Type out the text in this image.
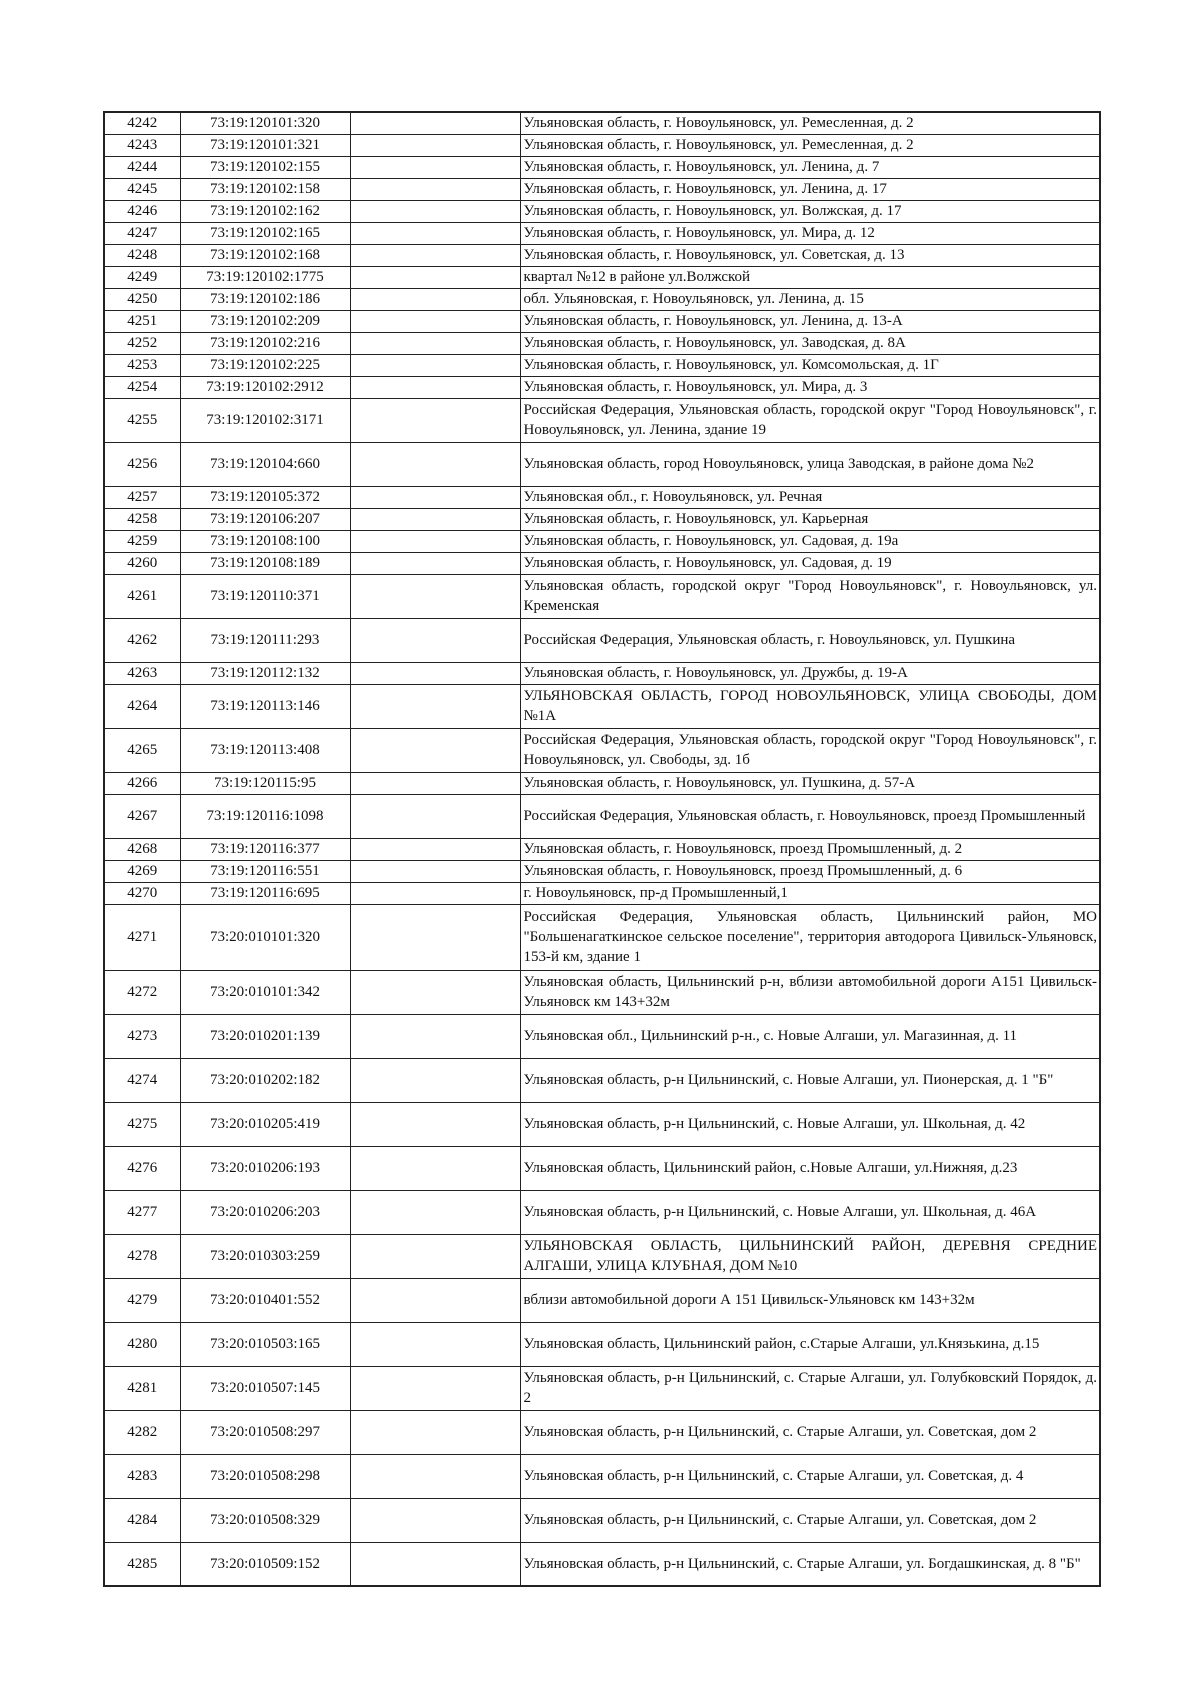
4242	73:19:120101:320		Ульяновская область, г. Новоульяновск, ул. Ремесленная, д. 2
4243	73:19:120101:321		Ульяновская область, г. Новоульяновск, ул. Ремесленная, д. 2
4244	73:19:120102:155		Ульяновская область, г. Новоульяновск, ул. Ленина, д. 7
4245	73:19:120102:158		Ульяновская область, г. Новоульяновск, ул. Ленина, д. 17
4246	73:19:120102:162		Ульяновская область, г. Новоульяновск, ул. Волжская, д. 17
4247	73:19:120102:165		Ульяновская область, г. Новоульяновск, ул. Мира, д. 12
4248	73:19:120102:168		Ульяновская область, г. Новоульяновск, ул. Советская, д. 13
4249	73:19:120102:1775		квартал №12 в районе ул.Волжской
4250	73:19:120102:186		обл. Ульяновская, г. Новоульяновск, ул. Ленина, д. 15
4251	73:19:120102:209		Ульяновская область, г. Новоульяновск, ул. Ленина, д. 13-А
4252	73:19:120102:216		Ульяновская область, г. Новоульяновск, ул. Заводская, д. 8А
4253	73:19:120102:225		Ульяновская область, г. Новоульяновск, ул. Комсомольская, д. 1Г
4254	73:19:120102:2912		Ульяновская область, г. Новоульяновск, ул. Мира, д. 3
4255	73:19:120102:3171		Российская Федерация, Ульяновская область, городской округ "Город Новоульяновск", г. Новоульяновск, ул. Ленина, здание 19
4256	73:19:120104:660		Ульяновская область, город Новоульяновск, улица Заводская, в районе дома №2
4257	73:19:120105:372		Ульяновская обл., г. Новоульяновск, ул. Речная
4258	73:19:120106:207		Ульяновская область, г. Новоульяновск, ул. Карьерная
4259	73:19:120108:100		Ульяновская область, г. Новоульяновск, ул. Садовая, д. 19а
4260	73:19:120108:189		Ульяновская область, г. Новоульяновск, ул. Садовая, д. 19
4261	73:19:120110:371		Ульяновская область, городской округ "Город Новоульяновск", г. Новоульяновск, ул. Кременская
4262	73:19:120111:293		Российская Федерация, Ульяновская область, г. Новоульяновск, ул. Пушкина
4263	73:19:120112:132		Ульяновская область, г. Новоульяновск, ул. Дружбы, д. 19-А
4264	73:19:120113:146		УЛЬЯНОВСКАЯ ОБЛАСТЬ, ГОРОД НОВОУЛЬЯНОВСК, УЛИЦА СВОБОДЫ, ДОМ №1А
4265	73:19:120113:408		Российская Федерация, Ульяновская область, городской округ "Город Новоульяновск", г. Новоульяновск, ул. Свободы, зд. 1б
4266	73:19:120115:95		Ульяновская область, г. Новоульяновск, ул. Пушкина, д. 57-А
4267	73:19:120116:1098		Российская Федерация, Ульяновская область, г. Новоульяновск, проезд Промышленный
4268	73:19:120116:377		Ульяновская область, г. Новоульяновск, проезд Промышленный, д. 2
4269	73:19:120116:551		Ульяновская область, г. Новоульяновск, проезд Промышленный, д. 6
4270	73:19:120116:695		г. Новоульяновск, пр-д Промышленный,1
4271	73:20:010101:320		Российская Федерация, Ульяновская область, Цильнинский район, МО "Большенагаткинское сельское поселение", территория автодорога Цивильск-Ульяновск, 153-й км, здание 1
4272	73:20:010101:342		Ульяновская область, Цильнинский р-н, вблизи автомобильной дороги А151 Цивильск-Ульяновск км 143+32м
4273	73:20:010201:139		Ульяновская обл., Цильнинский р-н., с. Новые Алгаши, ул. Магазинная, д. 11
4274	73:20:010202:182		Ульяновская область, р-н Цильнинский, с. Новые Алгаши, ул. Пионерская, д. 1 "Б"
4275	73:20:010205:419		Ульяновская область, р-н Цильнинский, с. Новые Алгаши, ул. Школьная, д. 42
4276	73:20:010206:193		Ульяновская область, Цильнинский район, с.Новые Алгаши, ул.Нижняя, д.23
4277	73:20:010206:203		Ульяновская область, р-н Цильнинский, с. Новые Алгаши, ул. Школьная, д. 46А
4278	73:20:010303:259		УЛЬЯНОВСКАЯ ОБЛАСТЬ, ЦИЛЬНИНСКИЙ РАЙОН, ДЕРЕВНЯ СРЕДНИЕ АЛГАШИ, УЛИЦА КЛУБНАЯ, ДОМ №10
4279	73:20:010401:552		вблизи автомобильной дороги А 151 Цивильск-Ульяновск км 143+32м
4280	73:20:010503:165		Ульяновская область, Цильнинский район, с.Старые Алгаши, ул.Князькина, д.15
4281	73:20:010507:145		Ульяновская область, р-н Цильнинский, с. Старые Алгаши, ул. Голубковский Порядок, д. 2
4282	73:20:010508:297		Ульяновская область, р-н Цильнинский, с. Старые Алгаши, ул. Советская, дом 2
4283	73:20:010508:298		Ульяновская область, р-н Цильнинский, с. Старые Алгаши, ул. Советская, д. 4
4284	73:20:010508:329		Ульяновская область, р-н Цильнинский, с. Старые Алгаши, ул. Советская, дом 2
4285	73:20:010509:152		Ульяновская область, р-н Цильнинский, с. Старые Алгаши, ул. Богдашкинская, д. 8 "Б"
